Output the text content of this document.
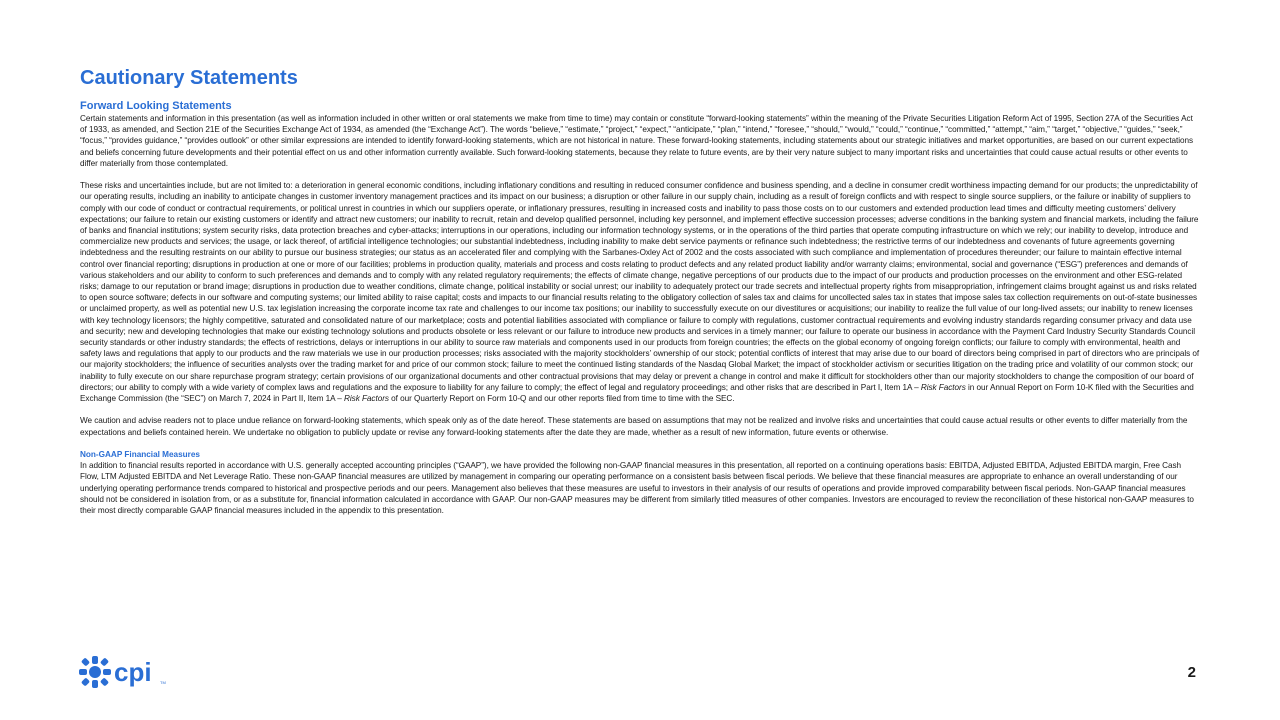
Cautionary Statements
Forward Looking Statements

Certain statements and information in this presentation (as well as information included in other written or oral statements we make from time to time) may contain or constitute “forward-looking statements” within the meaning of the Private Securities Litigation Reform Act of 1995, Section 27A of the Securities Act of 1933, as amended, and Section 21E of the Securities Exchange Act of 1934, as amended (the “Exchange Act”). The words “believe,” “estimate,” “project,” “expect,” “anticipate,” “plan,” “intend,” “foresee,” “should,” “would,” “could,” “continue,” “committed,” “attempt,” “aim,” “target,” “objective,” “guides,” “seek,” “focus,” “provides guidance,” “provides outlook” or other similar expressions are intended to identify forward-looking statements, which are not historical in nature. These forward-looking statements, including statements about our strategic initiatives and market opportunities, are based on our current expectations and beliefs concerning future developments and their potential effect on us and other information currently available. Such forward-looking statements, because they relate to future events, are by their very nature subject to many important risks and uncertainties that could cause actual results or other events to differ materially from those contemplated.

These risks and uncertainties include, but are not limited to: a deterioration in general economic conditions, including inflationary conditions and resulting in reduced consumer confidence and business spending, and a decline in consumer credit worthiness impacting demand for our products; the unpredictability of our operating results, including an inability to anticipate changes in customer inventory management practices and its impact on our business; a disruption or other failure in our supply chain, including as a result of foreign conflicts and with respect to single source suppliers, or the failure or inability of suppliers to comply with our code of conduct or contractual requirements, or political unrest in countries in which our suppliers operate, or inflationary pressures, resulting in increased costs and inability to pass those costs on to our customers and extended production lead times and difficulty meeting customers’ delivery expectations; our failure to retain our existing customers or identify and attract new customers; our inability to recruit, retain and develop qualified personnel, including key personnel, and implement effective succession processes; adverse conditions in the banking system and financial markets, including the failure of banks and financial institutions; system security risks, data protection breaches and cyber-attacks; interruptions in our operations, including our information technology systems, or in the operations of the third parties that operate computing infrastructure on which we rely; our inability to develop, introduce and commercialize new products and services; the usage, or lack thereof, of artificial intelligence technologies; our substantial indebtedness, including inability to make debt service payments or refinance such indebtedness; the restrictive terms of our indebtedness and covenants of future agreements governing indebtedness and the resulting restraints on our ability to pursue our business strategies; our status as an accelerated filer and complying with the Sarbanes-Oxley Act of 2002 and the costs associated with such compliance and implementation of procedures thereunder; our failure to maintain effective internal control over financial reporting; disruptions in production at one or more of our facilities; problems in production quality, materials and process and costs relating to product defects and any related product liability and/or warranty claims; environmental, social and governance (“ESG”) preferences and demands of various stakeholders and our ability to conform to such preferences and demands and to comply with any related regulatory requirements; the effects of climate change, negative perceptions of our products due to the impact of our products and production processes on the environment and other ESG-related risks; damage to our reputation or brand image; disruptions in production due to weather conditions, climate change, political instability or social unrest; our inability to adequately protect our trade secrets and intellectual property rights from misappropriation, infringement claims brought against us and risks related to open source software; defects in our software and computing systems; our limited ability to raise capital; costs and impacts to our financial results relating to the obligatory collection of sales tax and claims for uncollected sales tax in states that impose sales tax collection requirements on out-of-state businesses or unclaimed property, as well as potential new U.S. tax legislation increasing the corporate income tax rate and challenges to our income tax positions; our inability to successfully execute on our divestitures or acquisitions; our inability to realize the full value of our long-lived assets; our inability to renew licenses with key technology licensors; the highly competitive, saturated and consolidated nature of our marketplace; costs and potential liabilities associated with compliance or failure to comply with regulations, customer contractual requirements and evolving industry standards regarding consumer privacy and data use and security; new and developing technologies that make our existing technology solutions and products obsolete or less relevant or our failure to introduce new products and services in a timely manner; our failure to operate our business in accordance with the Payment Card Industry Security Standards Council security standards or other industry standards; the effects of restrictions, delays or interruptions in our ability to source raw materials and components used in our products from foreign countries; the effects on the global economy of ongoing foreign conflicts; our failure to comply with environmental, health and safety laws and regulations that apply to our products and the raw materials we use in our production processes; risks associated with the majority stockholders’ ownership of our stock; potential conflicts of interest that may arise due to our board of directors being comprised in part of directors who are principals of our majority stockholders; the influence of securities analysts over the trading market for and price of our common stock; failure to meet the continued listing standards of the Nasdaq Global Market; the impact of stockholder activism or securities litigation on the trading price and volatility of our common stock; our inability to fully execute on our share repurchase program strategy; certain provisions of our organizational documents and other contractual provisions that may delay or prevent a change in control and make it difficult for stockholders other than our majority stockholders to change the composition of our board of directors; our ability to comply with a wide variety of complex laws and regulations and the exposure to liability for any failure to comply; the effect of legal and regulatory proceedings; and other risks that are described in Part I, Item 1A – Risk Factors in our Annual Report on Form 10-K filed with the Securities and Exchange Commission (the “SEC”) on March 7, 2024 in Part II, Item 1A – Risk Factors of our Quarterly Report on Form 10-Q and our other reports filed from time to time with the SEC.

We caution and advise readers not to place undue reliance on forward-looking statements, which speak only as of the date hereof. These statements are based on assumptions that may not be realized and involve risks and uncertainties that could cause actual results or other events to differ materially from the expectations and beliefs contained herein. We undertake no obligation to publicly update or revise any forward-looking statements after the date they are made, whether as a result of new information, future events or otherwise.

Non-GAAP Financial Measures

In addition to financial results reported in accordance with U.S. generally accepted accounting principles (“GAAP”), we have provided the following non-GAAP financial measures in this presentation, all reported on a continuing operations basis: EBITDA, Adjusted EBITDA, Adjusted EBITDA margin, Free Cash Flow, LTM Adjusted EBITDA and Net Leverage Ratio. These non-GAAP financial measures are utilized by management in comparing our operating performance on a consistent basis between fiscal periods. We believe that these financial measures are appropriate to enhance an overall understanding of our underlying operating performance trends compared to historical and prospective periods and our peers. Management also believes that these measures are useful to investors in their analysis of our results of operations and provide improved comparability between fiscal periods. Non-GAAP financial measures should not be considered in isolation from, or as a substitute for, financial information calculated in accordance with GAAP. Our non-GAAP measures may be different from similarly titled measures of other companies. Investors are encouraged to review the reconciliation of these historical non-GAAP measures to their most directly comparable GAAP financial measures included in the appendix to this presentation.

cpi TM
2
